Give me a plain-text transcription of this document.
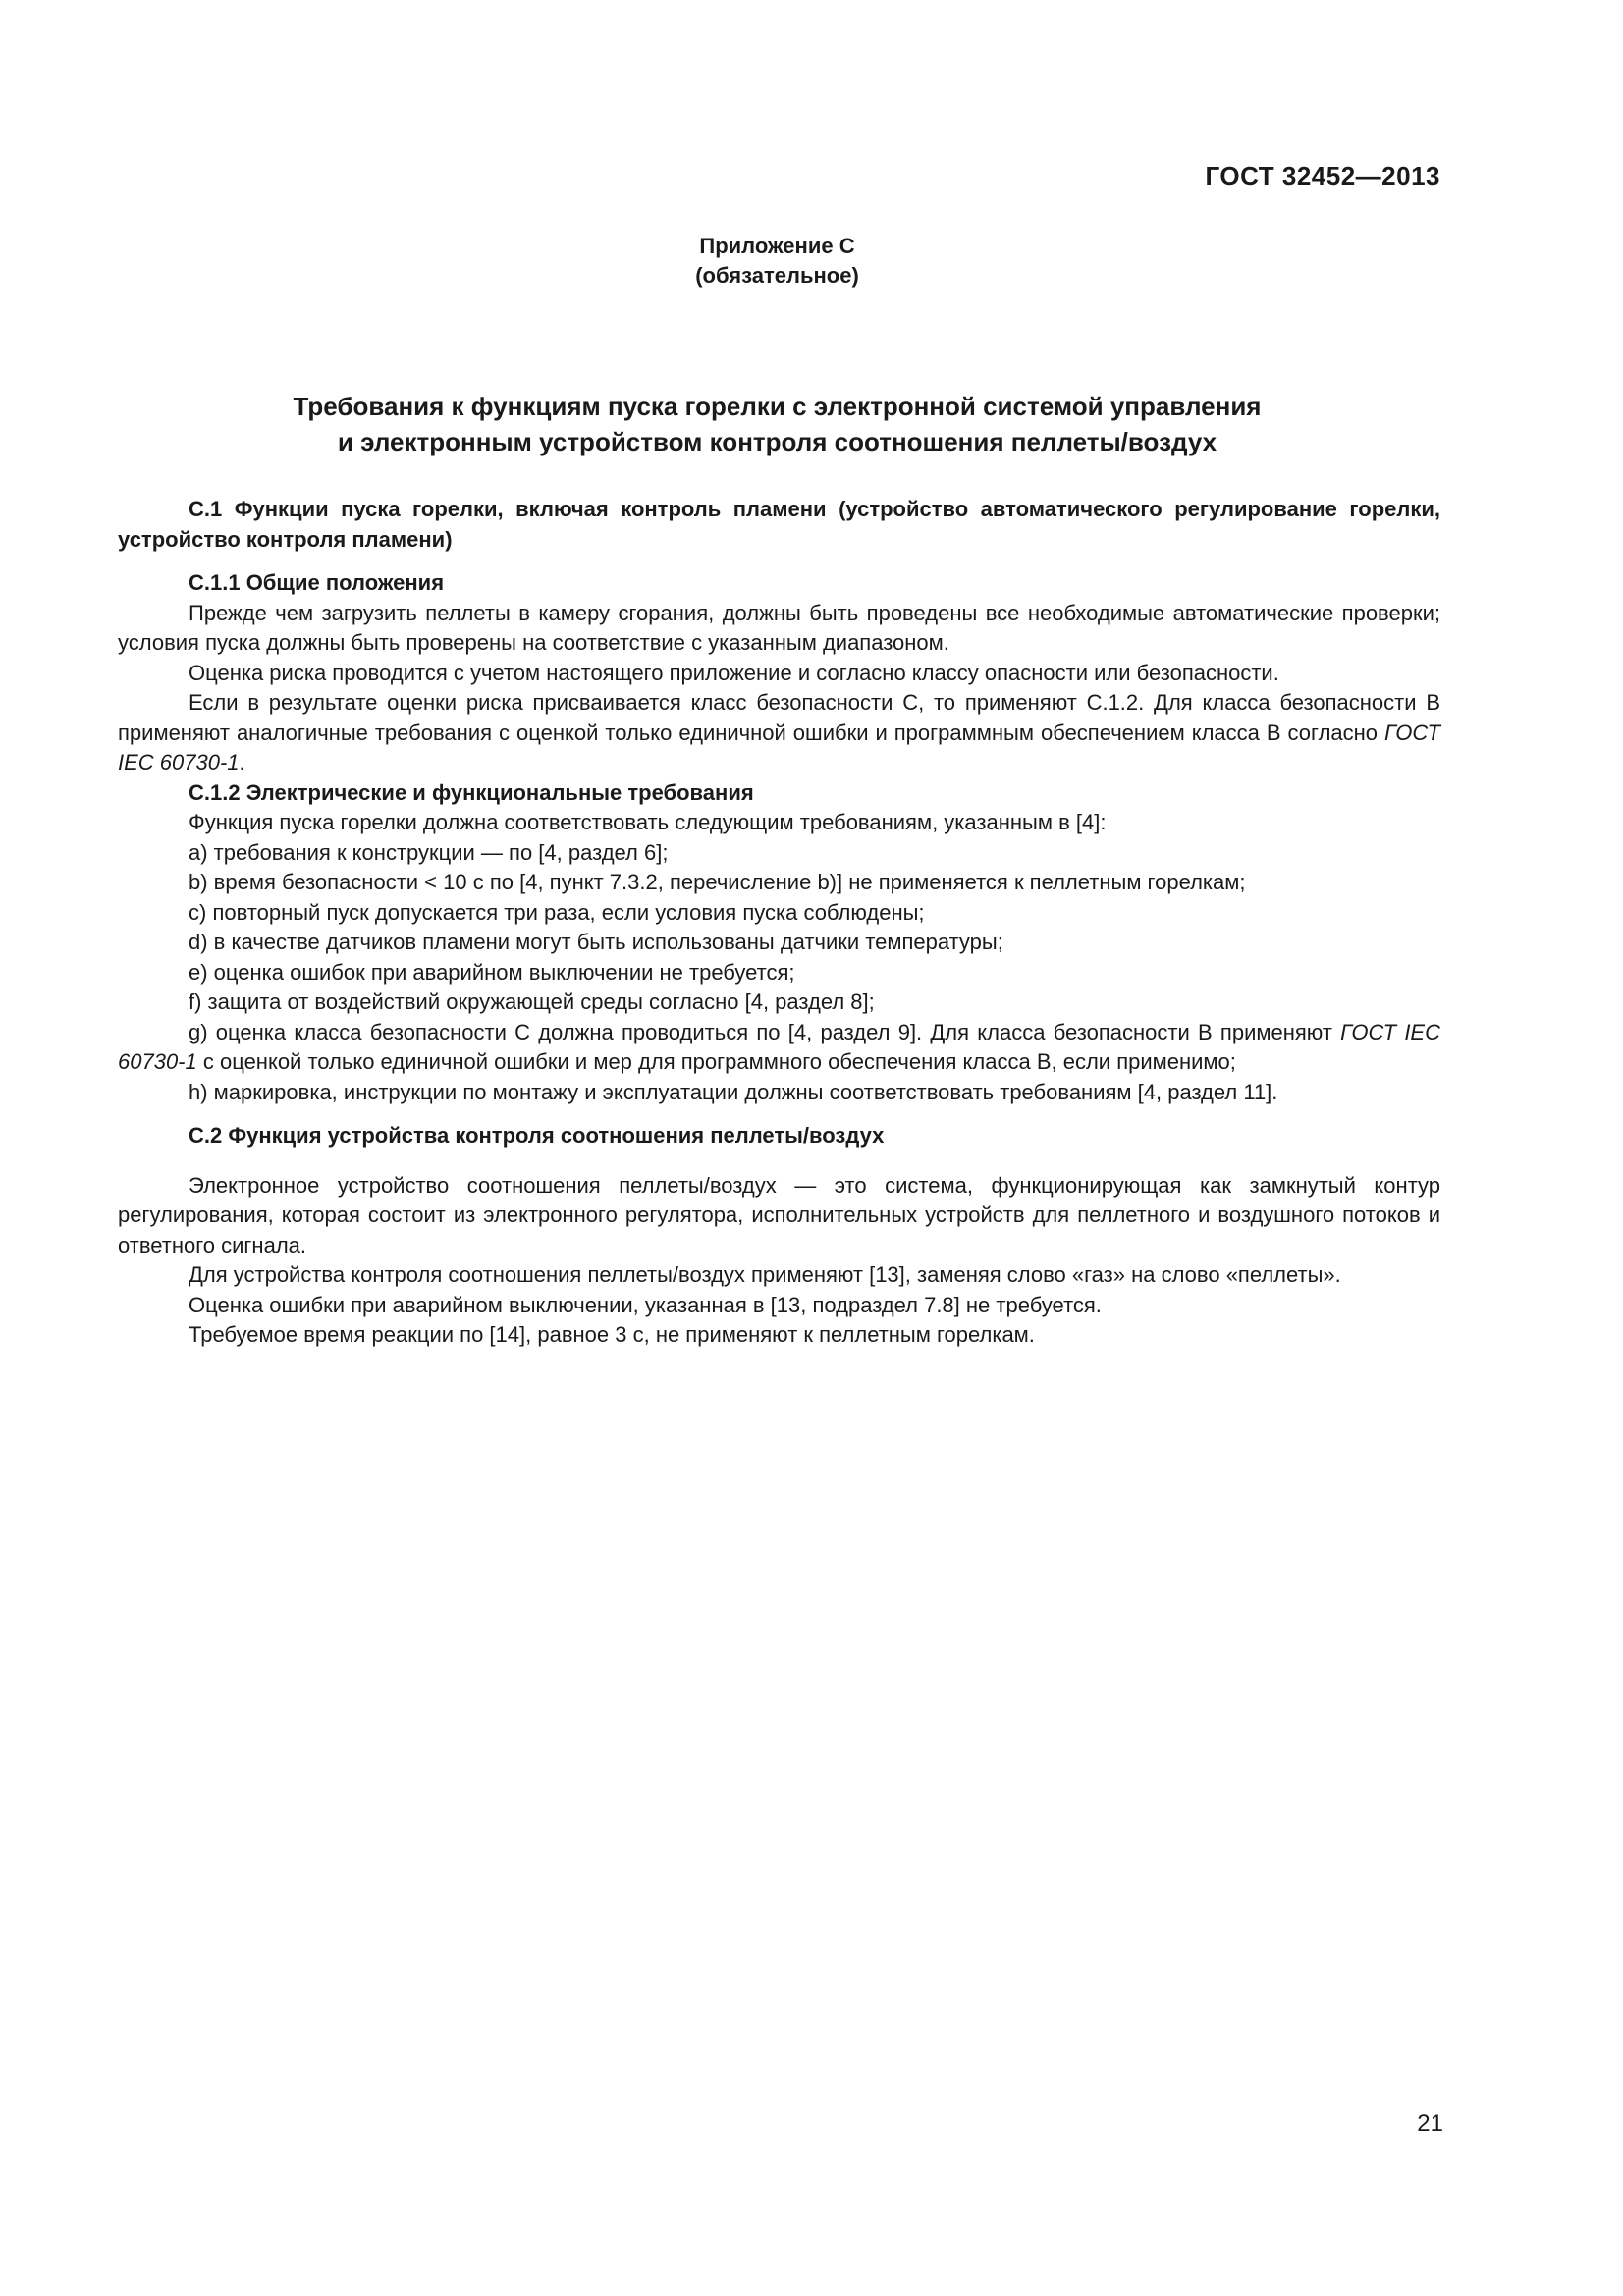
ГОСТ 32452—2013
Приложение C
(обязательное)
Требования к функциям пуска горелки с электронной системой управления
и электронным устройством контроля соотношения пеллеты/воздух

С.1 Функции пуска горелки, включая контроль пламени (устройство автоматического регулирование горелки, устройство контроля пламени)

С.1.1 Общие положения

Прежде чем загрузить пеллеты в камеру сгорания, должны быть проведены все необходимые автоматические проверки; условия пуска должны быть проверены на соответствие с указанным диапазоном.

Оценка риска проводится с учетом настоящего приложение и согласно классу опасности или безопасности.

Если в результате оценки риска присваивается класс безопасности С, то применяют С.1.2. Для класса безопасности В применяют аналогичные требования с оценкой только единичной ошибки и программным обеспечением класса В согласно ГОСТ IEC 60730-1.

С.1.2 Электрические и функциональные требования

Функция пуска горелки должна соответствовать следующим требованиям, указанным в [4]:

а) требования к конструкции — по [4, раздел 6];

b) время безопасности < 10 с по [4, пункт 7.3.2, перечисление b)] не применяется к пеллетным горелкам;

с) повторный пуск допускается три раза, если условия пуска соблюдены;

d) в качестве датчиков пламени могут быть использованы датчики температуры;

е) оценка ошибок при аварийном выключении не требуется;

f) защита от воздействий окружающей среды согласно [4, раздел 8];

g) оценка класса безопасности С должна проводиться по [4, раздел 9]. Для класса безопасности В применяют ГОСТ IEC 60730-1 с оценкой только единичной ошибки и мер для программного обеспечения класса В, если применимо;

h) маркировка, инструкции по монтажу и эксплуатации должны соответствовать требованиям [4, раздел 11].

С.2 Функция устройства контроля соотношения пеллеты/воздух

Электронное устройство соотношения пеллеты/воздух — это система, функционирующая как замкнутый контур регулирования, которая состоит из электронного регулятора, исполнительных устройств для пеллетного и воздушного потоков и ответного сигнала.

Для устройства контроля соотношения пеллеты/воздух применяют [13], заменяя слово «газ» на слово «пеллеты».

Оценка ошибки при аварийном выключении, указанная в [13, подраздел 7.8] не требуется.

Требуемое время реакции по [14], равное 3 с, не применяют к пеллетным горелкам.

21
